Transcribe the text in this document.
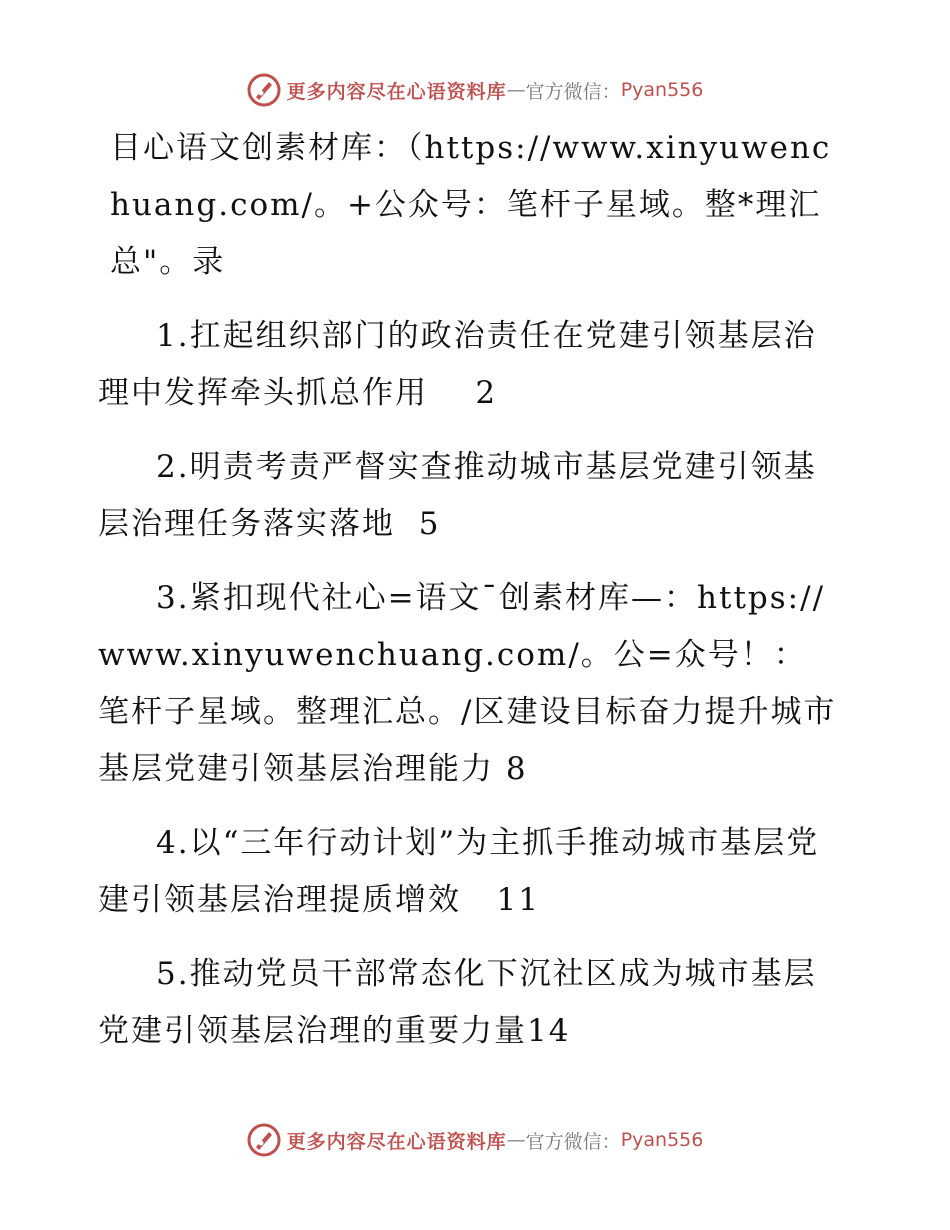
更多内容尽在心语资料库 — 官方微信： Pyan556

目心语文创素材库：（https://www.xinyuwenchuang.com/。+公众号：笔杆子星域。整*理汇总"。录

1.扛起组织部门的政治责任在党建引领基层治理中发挥牵头抓总作用    2

2.明责考责严督实查推动城市基层党建引领基层治理任务落实落地  5

3.紧扣现代社心=语文¯创素材库—：https://www.xinyuwenchuang.com/。公=众号！：笔杆子星域。整理汇总。/区建设目标奋力提升城市基层党建引领基层治理能力 8

4.以“三年行动计划”为主抓手推动城市基层党建引领基层治理提质增效   11

5.推动党员干部常态化下沉社区成为城市基层党建引领基层治理的重要力量14

更多内容尽在心语资料库 — 官方微信： Pyan556
